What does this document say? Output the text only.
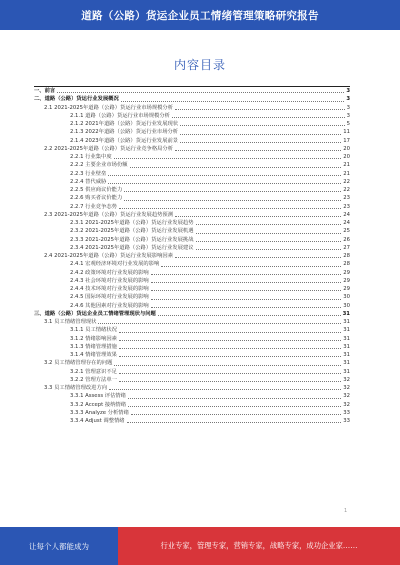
道路（公路）货运企业员工情绪管理策略研究报告
内容目录
一、前言	3
二、道路（公路）货运行业发展概况	3
2.1 2021-2025年道路（公路）货运行业市场规模分析	3
2.1.1 道路（公路）货运行业市场规模分析	3
2.1.2 2021年道路（公路）货运行业发展现状	5
2.1.3 2022年道路（公路）货运行业市场分析	11
2.1.4 2023年道路（公路）货运行业发展前景	17
2.2 2021-2025年道路（公路）货运行业竞争格局分析	20
2.2.1 行业集中度	20
2.2.2 主要企业市场份额	21
2.2.3 行业壁垒	21
2.2.4 替代威胁	22
2.2.5 供应商议价能力	22
2.2.6 购买者议价能力	23
2.2.7 行业竞争态势	23
2.3 2021-2025年道路（公路）货运行业发展趋势预测	24
2.3.1 2021-2025年道路（公路）货运行业发展趋势	24
2.3.2 2021-2025年道路（公路）货运行业发展机遇	25
2.3.3 2021-2025年道路（公路）货运行业发展挑战	26
2.3.4 2021-2025年道路（公路）货运行业发展建议	27
2.4 2021-2025年道路（公路）货运行业发展影响因素	28
2.4.1 宏观经济环境对行业发展的影响	28
2.4.2 政策环境对行业发展的影响	29
2.4.3 社会环境对行业发展的影响	29
2.4.4 技术环境对行业发展的影响	29
2.4.5 国际环境对行业发展的影响	30
2.4.6 其他因素对行业发展的影响	30
三、道路（公路）货运企业员工情绪管理现状与问题	31
3.1 员工情绪管理现状	31
3.1.1 员工情绪状况	31
3.1.2 情绪影响因素	31
3.1.3 情绪管理措施	31
3.1.4 情绪管理效果	31
3.2 员工情绪管理存在的问题	31
3.2.1 管理意识不足	31
3.2.2 管理方法单一	32
3.3 员工情绪管理改进方向	32
3.3.1 Assess 评估情绪	32
3.3.2 Accept 接纳情绪	32
3.3.3 Analyze 分析情绪	33
3.3.4 Adjust 调整情绪	33
让每个人都能成为	行业专家，管理专家，营销专家，战略专家，成功企业家……
1
